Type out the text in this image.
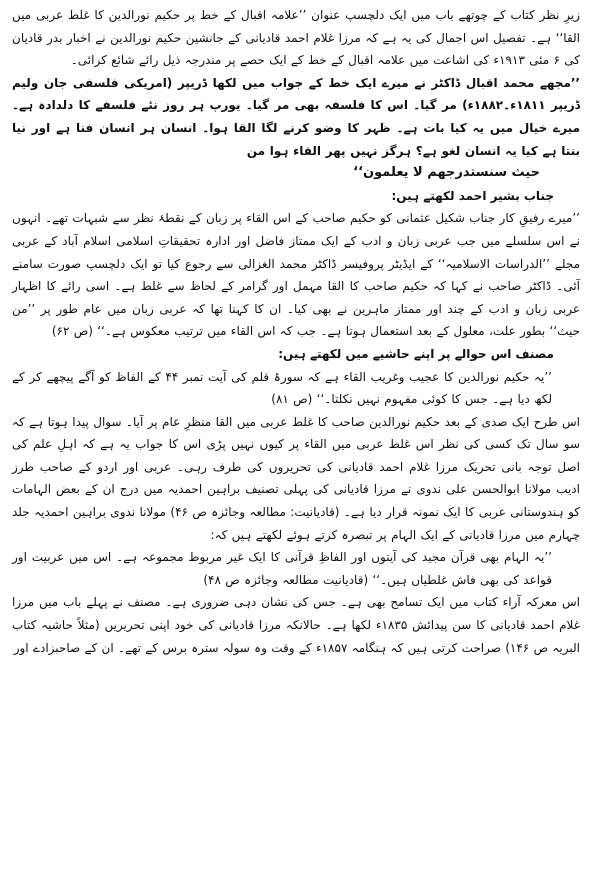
زیرِ نظر کتاب کے چوتھے باب میں ایک دلچسپ عنوان ’’علامہ اقبال کے خط پر حکیم نورالدین کا غلط عربی میں القا‘‘ ہے۔ تفصیل اس اجمال کی یہ ہے کہ مرزا غلام احمد قادیانی کے جانشین حکیم نورالدین نے اخبار بدر قادیان کی ۶ مئی ۱۹۱۳ء کی اشاعت میں علامہ اقبال کے خط کے ایک حصے پر مندرجہ ذیل رائے شائع کرائی۔

’’مجھے محمد اقبال ڈاکٹر نے میرے ایک خط کے جواب میں لکھا ڈریپر (امریکی فلسفی جان ولیم ڈریپر ۱۸۱۱ء۔۱۸۸۲ء) مر گیا۔ اس کا فلسفہ بھی مر گیا۔ یورپ ہر روز نئے فلسفے کا دلدادہ ہے۔ میرے خیال میں یہ کیا بات ہے۔ ظہر کا وضو کرنے لگا القا ہوا۔ انسان ہر انسان فنا ہے اور نیا بنتا ہے کیا یہ انسان لغو ہے؟ ہرگز نہیں پھر القاء ہوا من

حيث سنستدرجهم لا يعلمون‘‘

جناب بشیر احمد لکھتے ہیں:

’’میرے رفیقِ کار جناب شکیل عثمانی کو حکیم صاحب کے اس القاء پر زبان کے نقطۂ نظر سے شبہات تھے۔ انہوں نے اس سلسلے میں جب عربی زبان و ادب کے ایک ممتاز فاضل اور ادارہ تحقیقاتِ اسلامی اسلام آباد کے عربی مجلے ’’الدراسات الاسلامیہ‘‘ کے ایڈیٹر پروفیسر ڈاکٹر محمد الغزالی سے رجوع کیا تو ایک دلچسپ صورت سامنے آئی۔ ڈاکٹر صاحب نے کہا کہ حکیم صاحب کا القا مہمل اور گرامر کے لحاظ سے غلط ہے۔ اسی رائے کا اظہار عربی زبان و ادب کے چند اور ممتاز ماہرین نے بھی کیا۔ ان کا کہنا تھا کہ عربی زبان میں عام طور پر ’’من حیث‘‘ بطور علت، معلول کے بعد استعمال ہوتا ہے۔ جب کہ اس القاء میں ترتیب معکوس ہے۔‘‘ (ص ۶۲)

مصنف اس حوالے پر اپنے حاشیے میں لکھتے ہیں:

’’یہ حکیم نورالدین کا عجیب وغریب القاء ہے کہ سورۂ قلم کی آیت نمبر ۴۴ کے الفاظ کو آگے پیچھے کر کے لکھ دیا ہے۔ جس کا کوئی مفہوم نہیں نکلتا۔‘‘ (ص ۸۱)

اس طرح ایک صدی کے بعد حکیم نورالدین صاحب کا غلط عربی میں القا منظرِ عام پر آیا۔ سوال پیدا ہوتا ہے کہ سو سال تک کسی کی نظر اس غلط عربی میں القاء پر کیوں نہیں پڑی اس کا جواب یہ ہے کہ اہلِ علم کی اصل توجہ بانی تحریک مرزا غلام احمد قادیانی کی تحریروں کی طرف رہی۔ عربی اور اردو کے صاحب طرز ادیب مولانا ابوالحسن علی ندوی نے مرزا قادیانی کی پہلی تصنیف براہین احمدیہ میں درج ان کے بعض الہامات کو ہندوستانی عربی کا ایک نمونہ قرار دیا ہے۔ (قادیانیت: مطالعہ وجائزہ ص ۴۶) مولانا ندوی براہین احمدیہ جلد چہارم میں مرزا قادیانی کے ایک الہام پر تبصرہ کرتے ہوئے لکھتے ہیں کہ:

’’یہ الہام بھی قرآن مجید کی آیتوں اور الفاظِ قرآنی کا ایک غیر مربوط مجموعہ ہے۔ اس میں عربیت اور قواعد کی بھی فاش غلطیاں ہیں۔‘‘ (قادیانیت مطالعہ وجائزہ ص ۴۸)

اس معرکہ آراء کتاب میں ایک تسامح بھی ہے۔ جس کی نشان دہی ضروری ہے۔ مصنف نے پہلے باب میں مرزا غلام احمد قادیانی کا سن پیدائش ۱۸۳۵ء لکھا ہے۔ حالانکہ مرزا قادیانی کی خود اپنی تحریریں (مثلاً حاشیہ کتاب البریہ ص ۱۴۶) صراحت کرتی ہیں کہ ہنگامہ ۱۸۵۷ء کے وقت وہ سولہ سترہ برس کے تھے۔ ان کے صاحبزادے اور
